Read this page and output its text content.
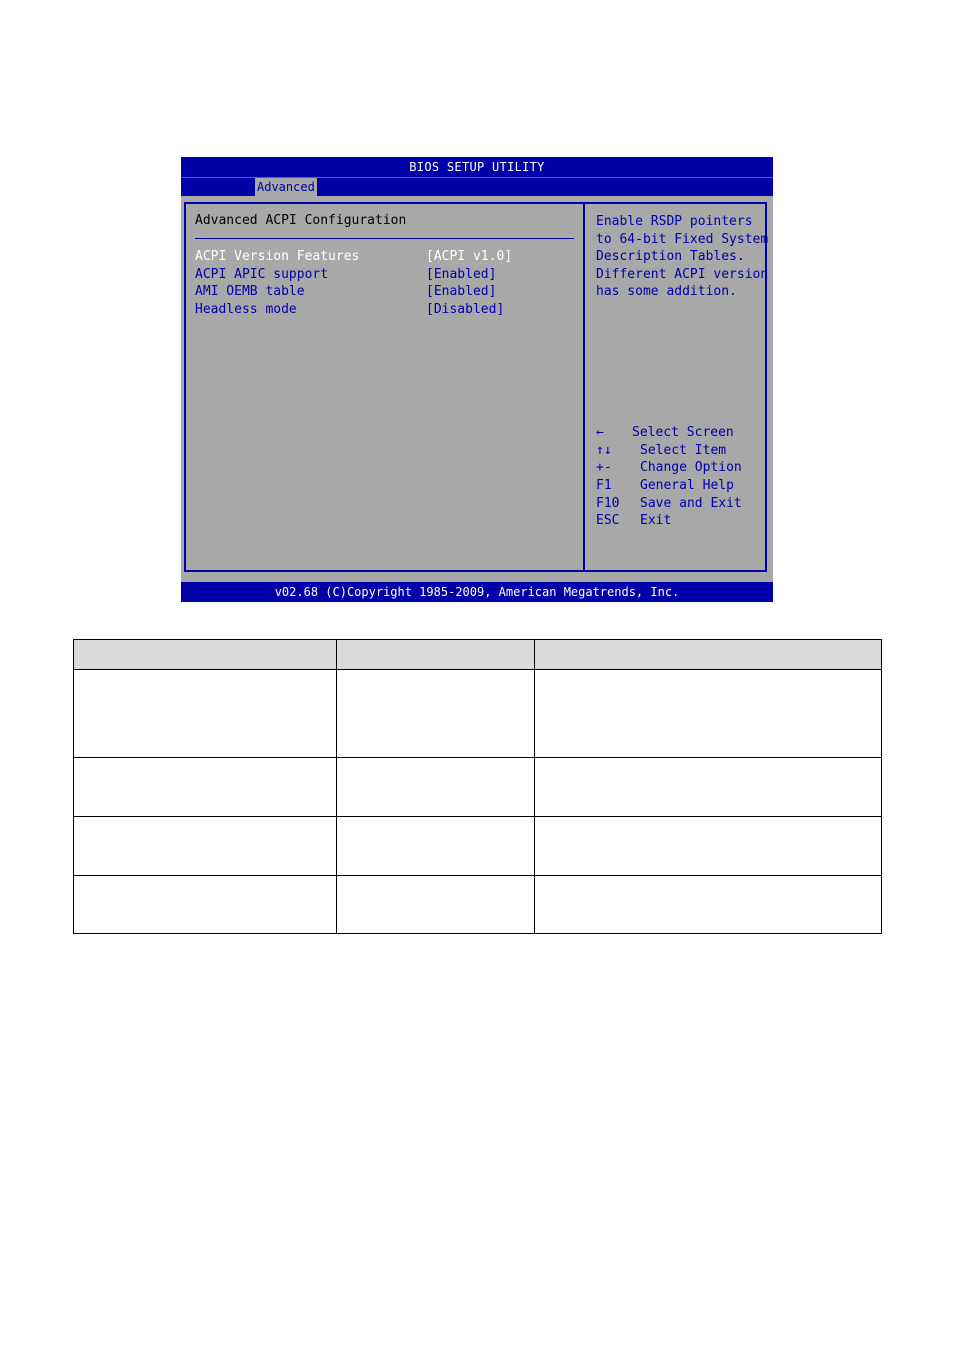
BIOS SETUP UTILITY
Advanced
Advanced ACPI Configuration
ACPI Version Features	[ACPI v1.0]
ACPI APIC support	[Enabled]
AMI OEMB table	[Enabled]
Headless mode	[Disabled]
Enable RSDP pointers
to 64-bit Fixed System
Description Tables.
Different ACPI version
has some addition.
← Select Screen
↑↓ Select Item
+- Change Option
F1 General Help
F10 Save and Exit
ESC Exit
v02.68 (C)Copyright 1985-2009, American Megatrends, Inc.
